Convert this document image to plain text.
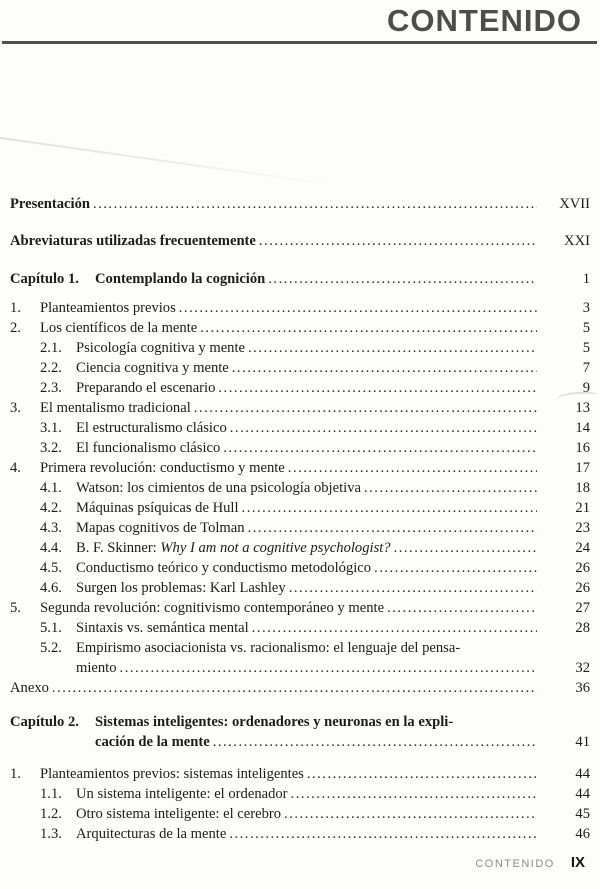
CONTENIDO
Presentación .....	XVII
Abreviaturas utilizadas frecuentemente .....	XXI
Capítulo 1.	Contemplando la cognición .....	1
1.	Planteamientos previos .....	3
2.	Los científicos de la mente .....	5
2.1. Psicología cognitiva y mente .....	5
2.2. Ciencia cognitiva y mente .....	7
2.3. Preparando el escenario .....	9
3.	El mentalismo tradicional .....	13
3.1. El estructuralismo clásico .....	14
3.2. El funcionalismo clásico .....	16
4.	Primera revolución: conductismo y mente .....	17
4.1. Watson: los cimientos de una psicología objetiva .....	18
4.2. Máquinas psíquicas de Hull .....	21
4.3. Mapas cognitivos de Tolman .....	23
4.4. B. F. Skinner: Why I am not a cognitive psychologist? .....	24
4.5. Conductismo teórico y conductismo metodológico .....	26
4.6. Surgen los problemas: Karl Lashley .....	26
5.	Segunda revolución: cognitivismo contemporáneo y mente .....	27
5.1. Sintaxis vs. semántica mental .....	28
5.2. Empirismo asociacionista vs. racionalismo: el lenguaje del pensa-
miento .....	32
Anexo .....	36
Capítulo 2.	Sistemas inteligentes: ordenadores y neuronas en la expli-
cación de la mente .....	41
1.	Planteamientos previos: sistemas inteligentes .....	44
1.1. Un sistema inteligente: el ordenador .....	44
1.2. Otro sistema inteligente: el cerebro .....	45
1.3. Arquitecturas de la mente .....	46
CONTENIDO IX
